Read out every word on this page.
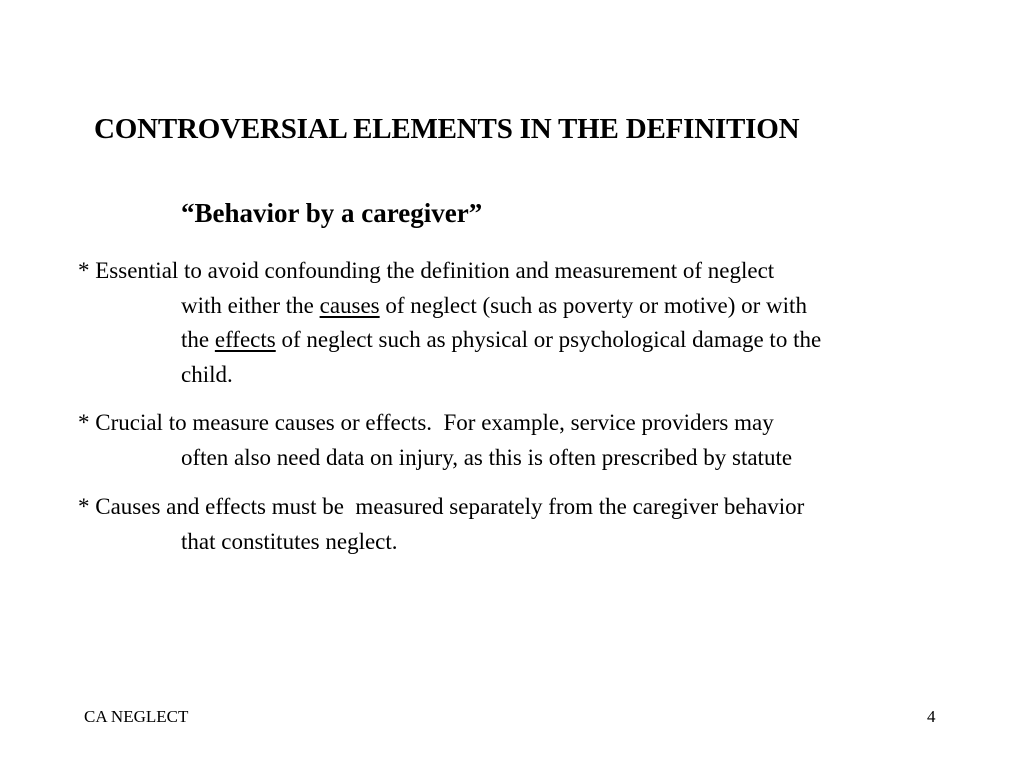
CONTROVERSIAL ELEMENTS IN THE DEFINITION
“Behavior by a caregiver”
* Essential to avoid confounding the definition and measurement of neglect
with either the causes of neglect (such as poverty or motive) or with
the effects of neglect such as physical or psychological damage to the
child.
* Crucial to measure causes or effects.  For example, service providers may
often also need data on injury, as this is often prescribed by statute
* Causes and effects must be  measured separately from the caregiver behavior
that constitutes neglect.
CA NEGLECT	4
